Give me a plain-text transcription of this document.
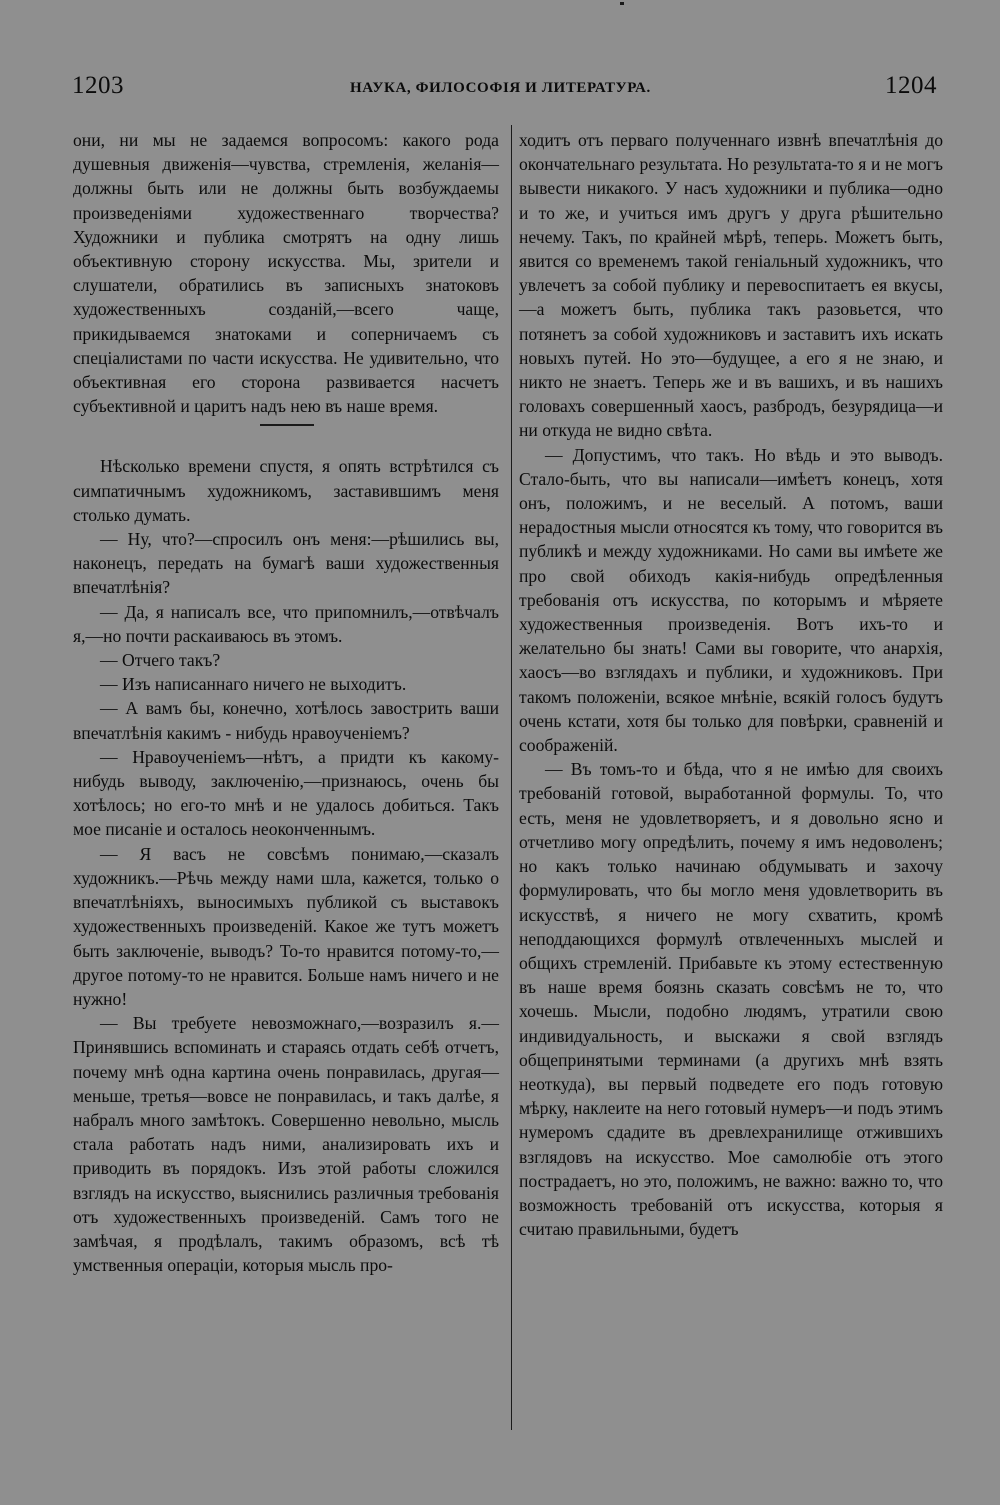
1203	НАУКА, ФИЛОСОФІЯ И ЛИТЕРАТУРА.	1204

они, ни мы не задаемся вопросомъ: какого рода душевныя движенія—чувства, стремленія, желанія—должны быть или не должны быть возбуждаемы произведеніями художественнаго творчества? Художники и публика смотрятъ на одну лишь объективную сторону искусства. Мы, зрители и слушатели, обратились въ записныхъ знатоковъ художественныхъ созданій,—всего чаще, прикидываемся знатоками и соперничаемъ съ спеціалистами по части искусства. Не удивительно, что объективная его сторона развивается насчетъ субъективной и царитъ надъ нею въ наше время.

Нѣсколько времени спустя, я опять встрѣтился съ симпатичнымъ художникомъ, заставившимъ меня столько думать.

— Ну, что?—спросилъ онъ меня:—рѣшились вы, наконецъ, передать на бумагѣ ваши художественныя впечатлѣнія?

— Да, я написалъ все, что припомнилъ,—отвѣчалъ я,—но почти раскаиваюсь въ этомъ.

— Отчего такъ?

— Изъ написаннаго ничего не выходитъ.

— А вамъ бы, конечно, хотѣлось завострить ваши впечатлѣнія какимъ - нибудь нравоученіемъ?

— Нравоученіемъ—нѣтъ, а придти къ какому-нибудь выводу, заключенію,—признаюсь, очень бы хотѣлось; но его-то мнѣ и не удалось добиться. Такъ мое писаніе и осталось неоконченнымъ.

— Я васъ не совсѣмъ понимаю,—сказалъ художникъ.—Рѣчь между нами шла, кажется, только о впечатлѣніяхъ, выносимыхъ публикой съ выставокъ художественныхъ произведеній. Какое же тутъ можетъ быть заключеніе, выводъ? То-то нравится потому-то,—другое потому-то не нравится. Больше намъ ничего и не нужно!

— Вы требуете невозможнаго,—возразилъ я.—Принявшись вспоминать и стараясь отдать себѣ отчетъ, почему мнѣ одна картина очень понравилась, другая—меньше, третья—вовсе не понравилась, и такъ далѣе, я набралъ много замѣтокъ. Совершенно невольно, мысль стала работать надъ ними, анализировать ихъ и приводить въ порядокъ. Изъ этой работы сложился взглядъ на искусство, выяснились различныя требованія отъ художественныхъ произведеній. Самъ того не замѣчая, я продѣлалъ, такимъ образомъ, всѣ тѣ умственныя операціи, которыя мысль про-

ходитъ отъ перваго полученнаго извнѣ впечатлѣнія до окончательнаго результата. Но результата-то я и не могъ вывести никакого. У насъ художники и публика—одно и то же, и учиться имъ другъ у друга рѣшительно нечему. Такъ, по крайней мѣрѣ, теперь. Можетъ быть, явится со временемъ такой геніальный художникъ, что увлечетъ за собой публику и перевоспитаетъ ея вкусы,—а можетъ быть, публика такъ разовьется, что потянетъ за собой художниковъ и заставитъ ихъ искать новыхъ путей. Но это—будущее, а его я не знаю, и никто не знаетъ. Теперь же и въ вашихъ, и въ нашихъ головахъ совершенный хаосъ, разбродъ, безурядица—и ни откуда не видно свѣта.

— Допустимъ, что такъ. Но вѣдь и это выводъ. Стало-быть, что вы написали—имѣетъ конецъ, хотя онъ, положимъ, и не веселый. А потомъ, ваши нерадостныя мысли относятся къ тому, что говорится въ публикѣ и между художниками. Но сами вы имѣете же про свой обиходъ какія-нибудь опредѣленныя требованія отъ искусства, по которымъ и мѣряете художественныя произведенія. Вотъ ихъ-то и желательно бы знать! Сами вы говорите, что анархія, хаосъ—во взглядахъ и публики, и художниковъ. При такомъ положеніи, всякое мнѣніе, всякій голосъ будутъ очень кстати, хотя бы только для повѣрки, сравненій и соображеній.

— Въ томъ-то и бѣда, что я не имѣю для своихъ требованій готовой, выработанной формулы. То, что есть, меня не удовлетворяетъ, и я довольно ясно и отчетливо могу опредѣлить, почему я имъ недоволенъ; но какъ только начинаю обдумывать и захочу формулировать, что бы могло меня удовлетворить въ искусствѣ, я ничего не могу схватить, кромѣ неподдающихся формулѣ отвлеченныхъ мыслей и общихъ стремленій. Прибавьте къ этому естественную въ наше время боязнь сказать совсѣмъ не то, что хочешь. Мысли, подобно людямъ, утратили свою индивидуальность, и выскажи я свой взглядъ общепринятыми терминами (а другихъ мнѣ взять неоткуда), вы первый подведете его подъ готовую мѣрку, наклеите на него готовый нумеръ—и подъ этимъ нумеромъ сдадите въ древлехранилище отжившихъ взглядовъ на искусство. Мое самолюбіе отъ этого пострадаетъ, но это, положимъ, не важно: важно то, что возможность требованій отъ искусства, которыя я считаю правильными, будетъ
